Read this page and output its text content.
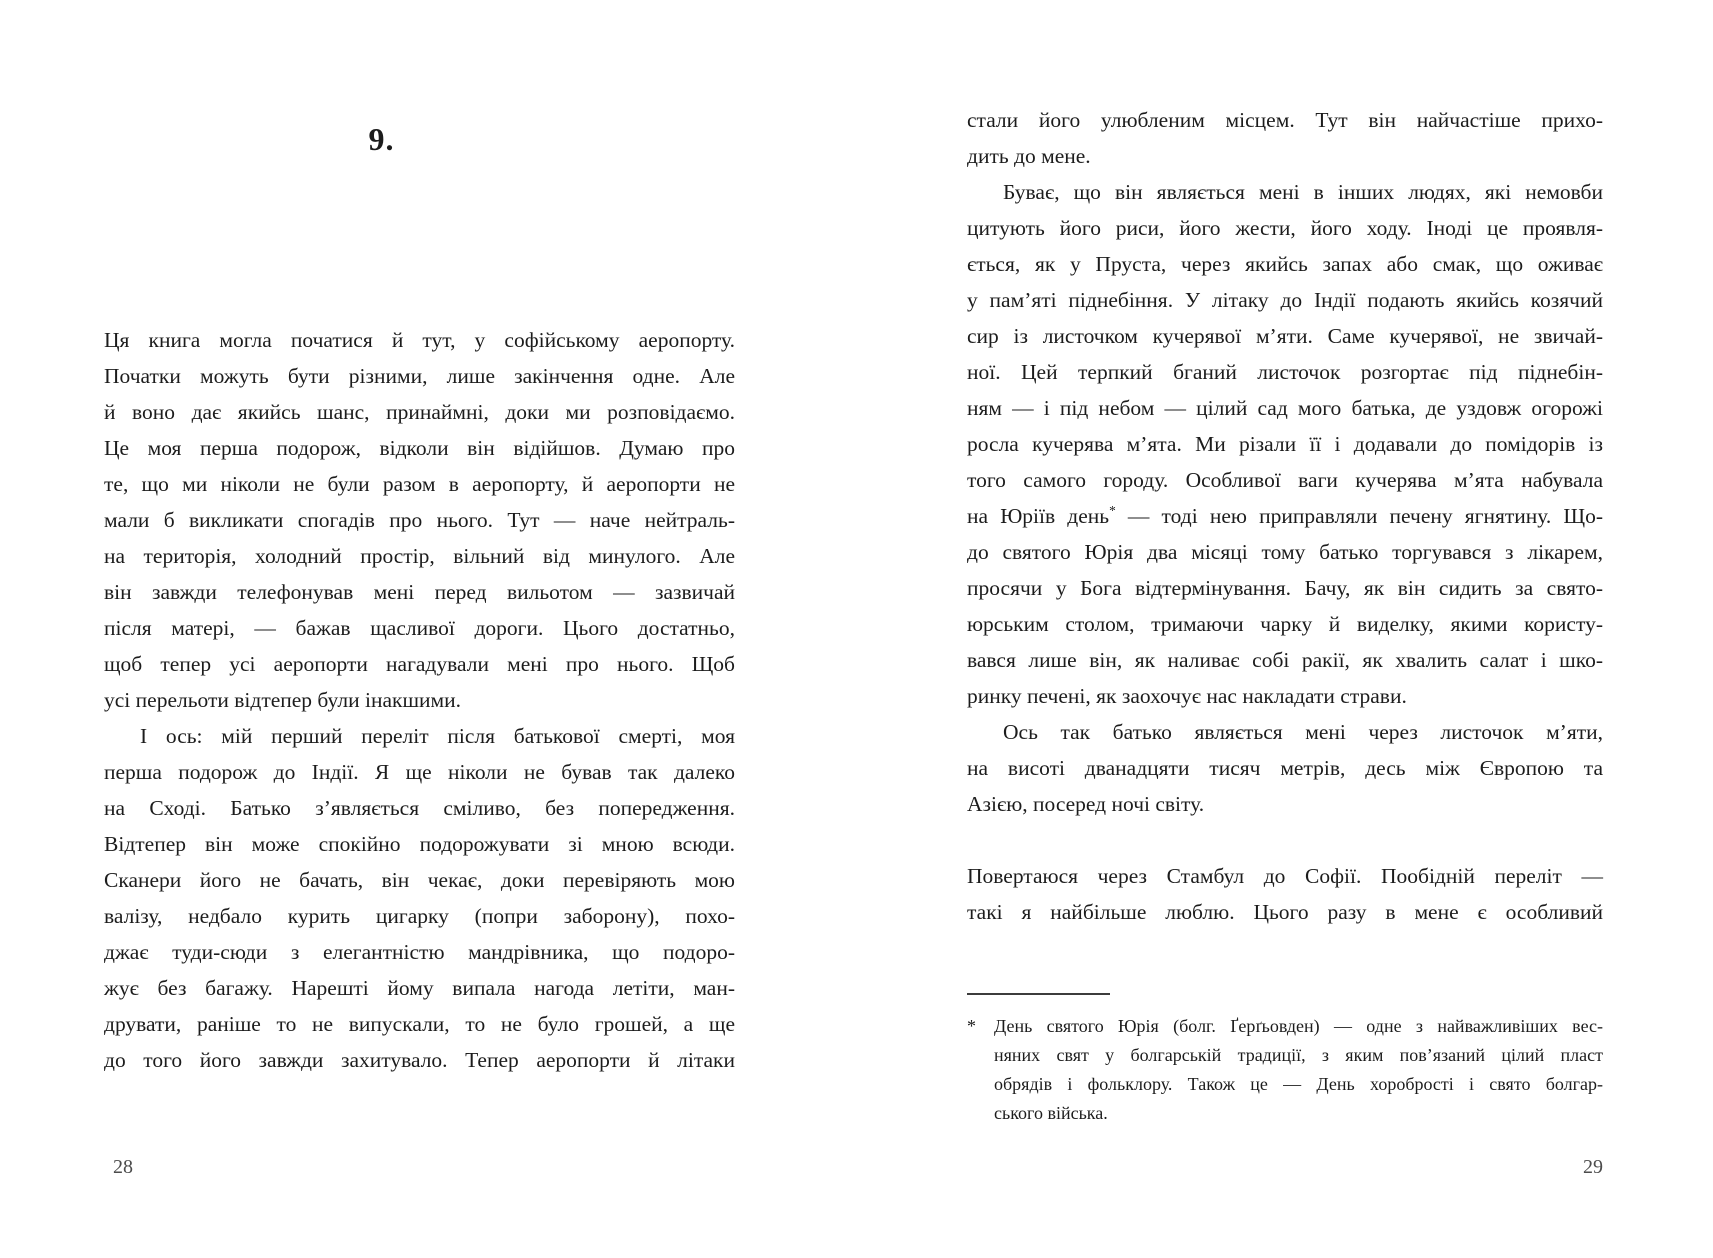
9.
Ця книга могла початися й тут, у софійському аеропорту.
Початки можуть бути різними, лише закінчення одне. Але
й воно дає якийсь шанс, принаймні, доки ми розповідаємо.
Це моя перша подорож, відколи він відійшов. Думаю про
те, що ми ніколи не були разом в аеропорту, й аеропорти не
мали б викликати спогадів про нього. Тут — наче нейтраль-
на територія, холодний простір, вільний від минулого. Але
він завжди телефонував мені перед вильотом — зазвичай
після матері, — бажав щасливої дороги. Цього достатньо,
щоб тепер усі аеропорти нагадували мені про нього. Щоб
усі перельоти відтепер були інакшими.
І ось: мій перший переліт після батькової смерті, моя
перша подорож до Індії. Я ще ніколи не бував так далеко
на Сході. Батько з’являється сміливо, без попередження.
Відтепер він може спокійно подорожувати зі мною всюди.
Сканери його не бачать, він чекає, доки перевіряють мою
валізу, недбало курить цигарку (попри заборону), похо-
джає туди-сюди з елегантністю мандрівника, що подоро-
жує без багажу. Нарешті йому випала нагода летіти, ман-
друвати, раніше то не випускали, то не було грошей, а ще
до того його завжди захитувало. Тепер аеропорти й літаки
28
стали його улюбленим місцем. Тут він найчастіше прихо-
дить до мене.
Буває, що він являється мені в інших людях, які немовби
цитують його риси, його жести, його ходу. Іноді це проявля-
ється, як у Пруста, через якийсь запах або смак, що оживає
у пам’яті піднебіння. У літаку до Індії подають якийсь козячий
сир із листочком кучерявої м’яти. Саме кучерявої, не звичай-
ної. Цей терпкий бганий листочок розгортає під піднебін-
ням — і під небом — цілий сад мого батька, де уздовж огорожі
росла кучерява м’ята. Ми різали її і додавали до помідорів із
того самого городу. Особливої ваги кучерява м’ята набувала
на Юріїв день* — тоді нею приправляли печену ягнятину. Що-
до святого Юрія два місяці тому батько торгувався з лікарем,
просячи у Бога відтермінування. Бачу, як він сидить за свято-
юрським столом, тримаючи чарку й виделку, якими користу-
вався лише він, як наливає собі ракії, як хвалить салат і шко-
ринку печені, як заохочує нас накладати страви.
Ось так батько являється мені через листочок м’яти,
на висоті дванадцяти тисяч метрів, десь між Європою та
Азією, посеред ночі світу.
Повертаюся через Стамбул до Софії. Пообідній переліт —
такі я найбільше люблю. Цього разу в мене є особливий
*	День святого Юрія (болг. Ґерґьовден) — одне з найважливіших вес-
няних свят у болгарській традиції, з яким пов’язаний цілий пласт
обрядів і фольклору. Також це — День хоробрості і свято болгар-
ського війська.
29
